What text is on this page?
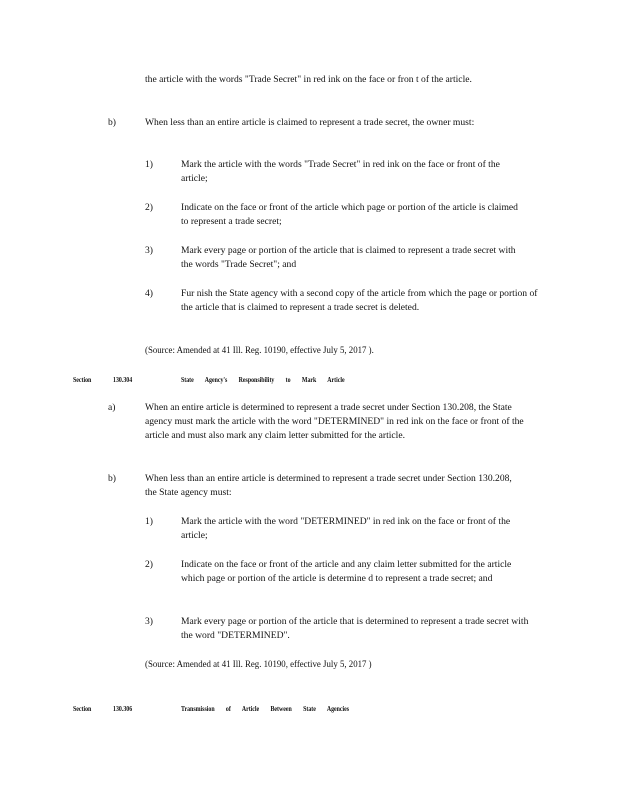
the article with the words "Trade Secret" in red ink on the face or fron t of the article.
b)	When less than an entire article is claimed to represent a trade secret, the owner must:
1)	Mark the article with the words "Trade Secret" in red ink on the face or front of the article;
2)	Indicate on the face or front of the article which page or portion of the article is claimed to represent a trade secret;
3)	Mark every page or portion of the article that is claimed to represent a trade secret with the words "Trade Secret"; and
4)	Fur nish the State agency with a second copy of the article from which the page or portion of the article that is claimed to represent a trade secret is deleted.
(Source: Amended at 41 Ill. Reg. 10190, effective July 5, 2017 ).
Section	130.304	State Agency's Responsibility to Mark Article
a)	When an entire article is determined to represent a trade secret under Section 130.208, the State agency must mark the article with the word "DETERMINED" in red ink on the face or front of the article and must also mark any claim letter submitted for the article.
b)	When less than an entire article is determined to represent a trade secret under Section 130.208, the State agency must:
1)	Mark the article with the word "DETERMINED" in red ink on the face or front of the article;
2)	Indicate on the face or front of the article and any claim letter submitted for the article which page or portion of the article is determine d to represent a trade secret; and
3)	Mark every page or portion of the article that is determined to represent a trade secret with the word "DETERMINED".
(Source: Amended at 41 Ill. Reg. 10190, effective July 5, 2017 )
Section	130.306	Transmission of Article Between State Agencies
